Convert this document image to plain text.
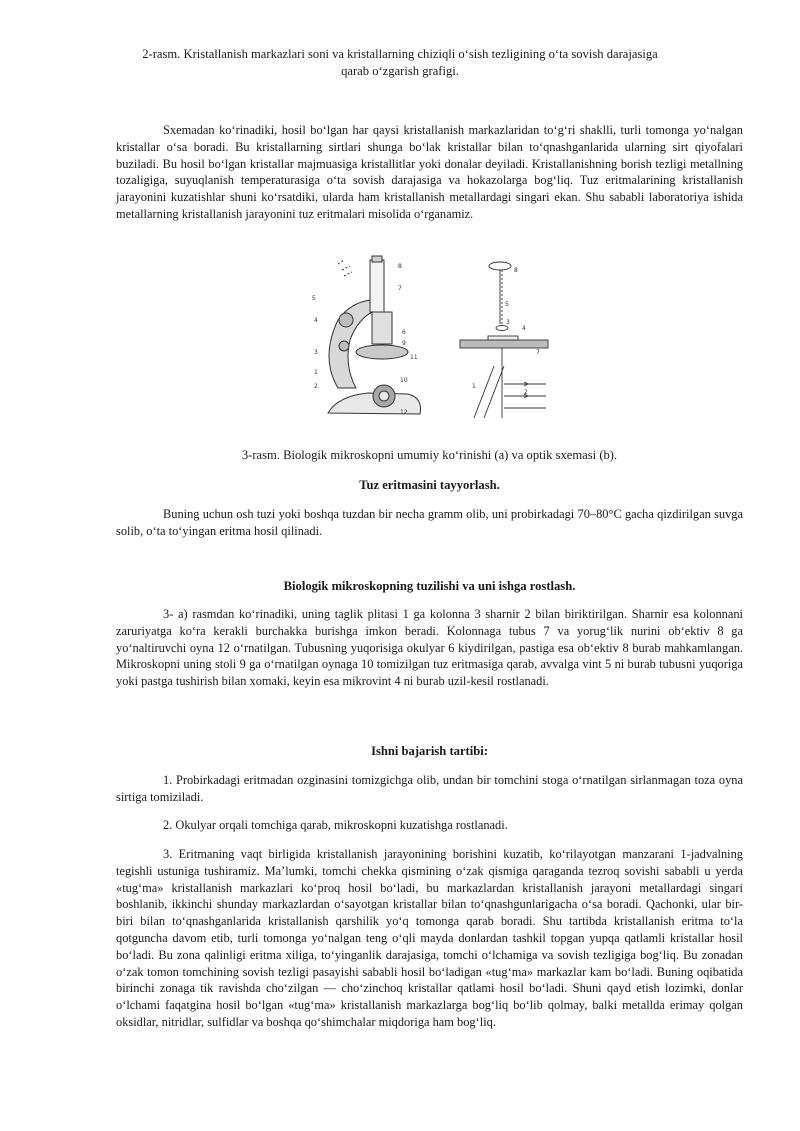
2-rasm. Kristallanish markazlari soni va kristallarning chiziqli oʻsish tezligining oʻta sovish darajasiga qarab oʻzgarish grafigi.

Sxemadan koʻrinadiki, hosil boʻlgan har qaysi kristallanish markazlaridan toʻgʻri shaklli, turli tomonga yoʻnalgan kristallar oʻsa boradi. Bu kristallarning sirtlari shunga boʻlak kristallar bilan toʻqnashganlarida ularning sirt qiyofalari buziladi. Bu hosil boʻlgan kristallar majmuasiga kristallitlar yoki donalar deyiladi. Kristallanishning borish tezligi metallning tozaligiga, suyuqlanish temperaturasiga oʻta sovish darajasiga va hokazolarga bogʻliq. Tuz eritmalarining kristallanish jarayonini kuzatishlar shuni koʻrsatdiki, ularda ham kristallanish metallardagi singari ekan. Shu sababli laboratoriya ishida metallarning kristallanish jarayonini tuz eritmalari misolida oʻrganamiz.

8
7
5
4
6
9
11
3
10
1
2
12
8
5
3
4
7
1
2
3-rasm. Biologik mikroskopni umumiy koʻrinishi (a) va optik sxemasi (b).

Tuz eritmasini tayyorlash.

Buning uchun osh tuzi yoki boshqa tuzdan bir necha gramm olib, uni probirkadagi 70–80°C gacha qizdirilgan suvga solib, oʻta toʻyingan eritma hosil qilinadi.

Biologik mikroskopning tuzilishi va uni ishga rostlash.

3- a) rasmdan koʻrinadiki, uning taglik plitasi 1 ga kolonna 3 sharnir 2 bilan biriktirilgan. Sharnir esa kolonnani zaruriyatga koʻra kerakli burchakka burishga imkon beradi. Kolonnaga tubus 7 va yorugʻlik nurini obʻektiv 8 ga yoʻnaltiruvchi oyna 12 oʻrnatilgan. Tubusning yuqorisiga okulyar 6 kiydirilgan, pastiga esa obʻektiv 8 burab mahkamlangan. Mikroskopni uning stoli 9 ga oʻrnatilgan oynaga 10 tomizilgan tuz eritmasiga qarab, avvalga vint 5 ni burab tubusni yuqoriga yoki pastga tushirish bilan xomaki, keyin esa mikrovint 4 ni burab uzil-kesil rostlanadi.

Ishni bajarish tartibi:

1. Probirkadagi eritmadan ozginasini tomizgichga olib, undan bir tomchini stoga oʻrnatilgan sirlanmagan toza oyna sirtiga tomiziladi.

2. Okulyar orqali tomchiga qarab, mikroskopni kuzatishga rostlanadi.

3. Eritmaning vaqt birligida kristallanish jarayonining borishini kuzatib, koʻrilayotgan manzarani 1-jadvalning tegishli ustuniga tushiramiz. Maʼlumki, tomchi chekka qismining oʻzak qismiga qaraganda tezroq sovishi sababli u yerda «tugʻma» kristallanish markazlari koʻproq hosil boʻladi, bu markazlardan kristallanish jarayoni metallardagi singari boshlanib, ikkinchi shunday markazlardan oʻsayotgan kristallar bilan toʻqnashgunlarigacha oʻsa boradi. Qachonki, ular bir-biri bilan toʻqnashganlarida kristallanish qarshilik yoʻq tomonga qarab boradi. Shu tartibda kristallanish eritma toʻla qotguncha davom etib, turli tomonga yoʻnalgan teng oʻqli mayda donlardan tashkil topgan yupqa qatlamli kristallar hosil boʻladi. Bu zona qalinligi eritma xiliga, toʻyinganlik darajasiga, tomchi oʻlchamiga va sovish tezligiga bogʻliq. Bu zonadan oʻzak tomon tomchining sovish tezligi pasayishi sababli hosil boʻladigan «tugʻma» markazlar kam boʻladi. Buning oqibatida birinchi zonaga tik ravishda choʻzilgan — choʻzinchoq kristallar qatlami hosil boʻladi. Shuni qayd etish lozimki, donlar oʻlchami faqatgina hosil boʻlgan «tugʻma» kristallanish markazlarga bogʻliq boʻlib qolmay, balki metallda erimay qolgan oksidlar, nitridlar, sulfidlar va boshqa qoʻshimchalar miqdoriga ham bogʻliq.
